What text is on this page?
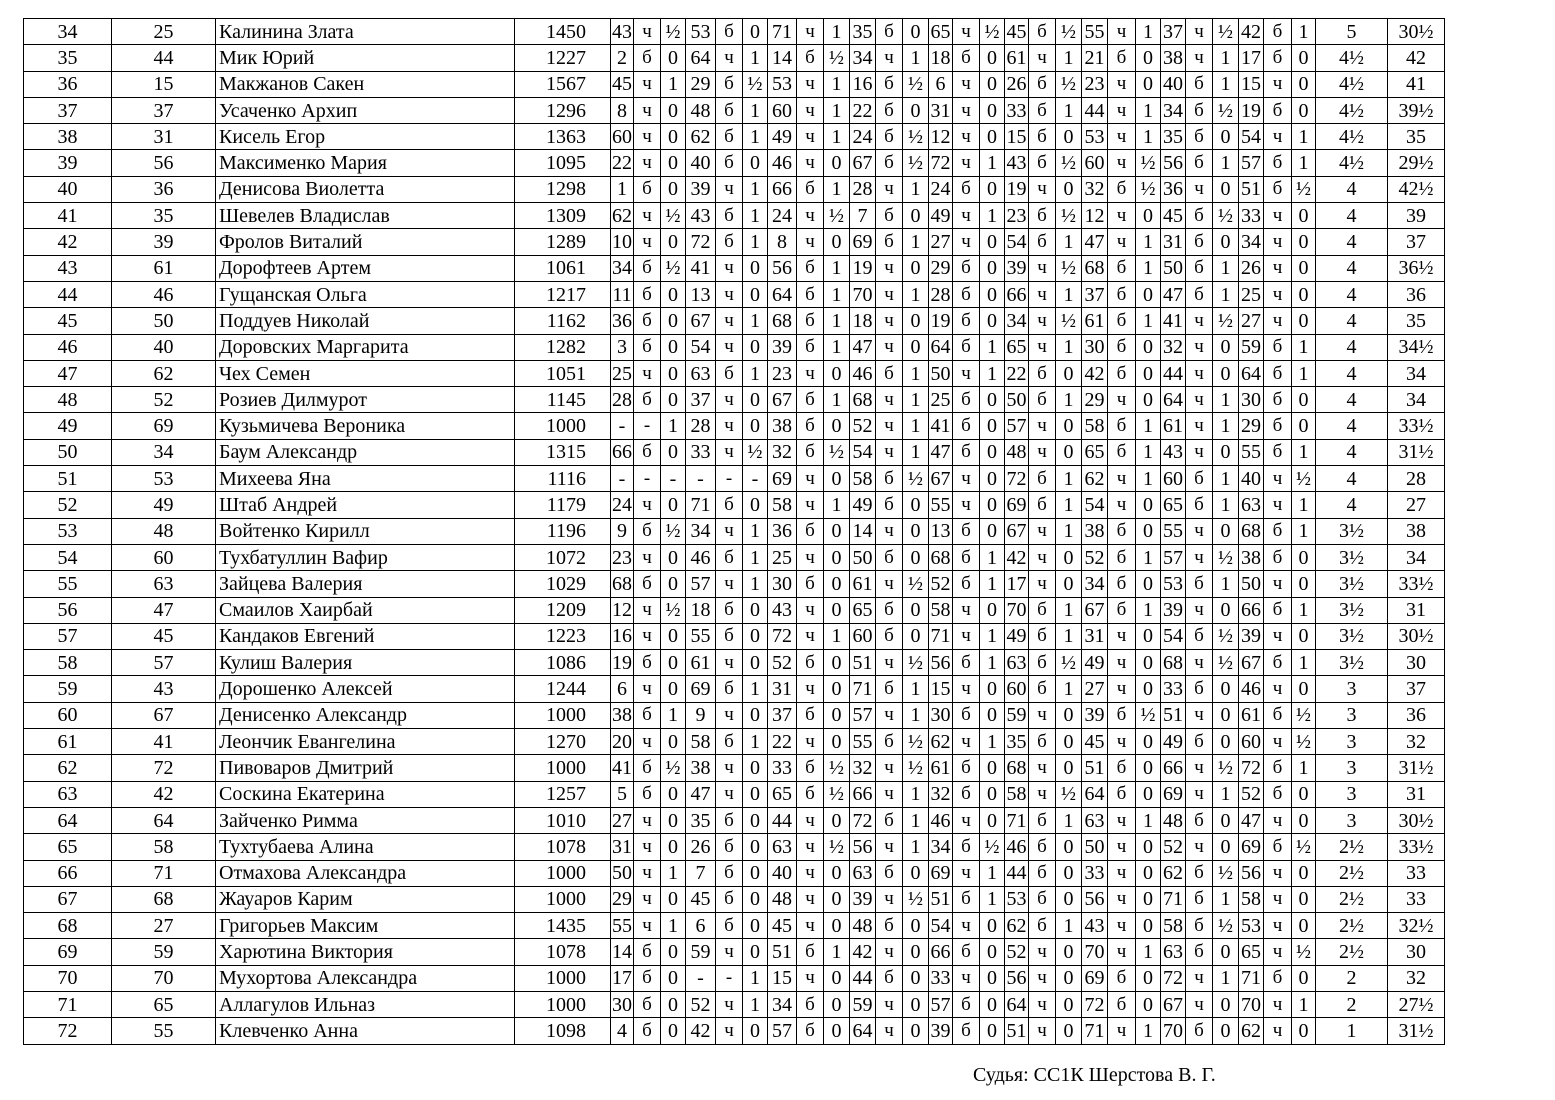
34	25	Калинина Злата	1450	43	ч	½	53	б	0	71	ч	1	35	б	0	65	ч	½	45	б	½	55	ч	1	37	ч	½	42	б	1	5	30½
35	44	Мик Юрий	1227	2	б	0	64	ч	1	14	б	½	34	ч	1	18	б	0	61	ч	1	21	б	0	38	ч	1	17	б	0	4½	42
36	15	Макжанов Сакен	1567	45	ч	1	29	б	½	53	ч	1	16	б	½	6	ч	0	26	б	½	23	ч	0	40	б	1	15	ч	0	4½	41
37	37	Усаченко Архип	1296	8	ч	0	48	б	1	60	ч	1	22	б	0	31	ч	0	33	б	1	44	ч	1	34	б	½	19	б	0	4½	39½
38	31	Кисель Егор	1363	60	ч	0	62	б	1	49	ч	1	24	б	½	12	ч	0	15	б	0	53	ч	1	35	б	0	54	ч	1	4½	35
39	56	Максименко Мария	1095	22	ч	0	40	б	0	46	ч	0	67	б	½	72	ч	1	43	б	½	60	ч	½	56	б	1	57	б	1	4½	29½
40	36	Денисова Виолетта	1298	1	б	0	39	ч	1	66	б	1	28	ч	1	24	б	0	19	ч	0	32	б	½	36	ч	0	51	б	½	4	42½
41	35	Шевелев Владислав	1309	62	ч	½	43	б	1	24	ч	½	7	б	0	49	ч	1	23	б	½	12	ч	0	45	б	½	33	ч	0	4	39
42	39	Фролов Виталий	1289	10	ч	0	72	б	1	8	ч	0	69	б	1	27	ч	0	54	б	1	47	ч	1	31	б	0	34	ч	0	4	37
43	61	Дорофтеев Артем	1061	34	б	½	41	ч	0	56	б	1	19	ч	0	29	б	0	39	ч	½	68	б	1	50	б	1	26	ч	0	4	36½
44	46	Гущанская Ольга	1217	11	б	0	13	ч	0	64	б	1	70	ч	1	28	б	0	66	ч	1	37	б	0	47	б	1	25	ч	0	4	36
45	50	Поддуев Николай	1162	36	б	0	67	ч	1	68	б	1	18	ч	0	19	б	0	34	ч	½	61	б	1	41	ч	½	27	ч	0	4	35
46	40	Доровских Маргарита	1282	3	б	0	54	ч	0	39	б	1	47	ч	0	64	б	1	65	ч	1	30	б	0	32	ч	0	59	б	1	4	34½
47	62	Чех Семен	1051	25	ч	0	63	б	1	23	ч	0	46	б	1	50	ч	1	22	б	0	42	б	0	44	ч	0	64	б	1	4	34
48	52	Розиев Дилмурот	1145	28	б	0	37	ч	0	67	б	1	68	ч	1	25	б	0	50	б	1	29	ч	0	64	ч	1	30	б	0	4	34
49	69	Кузьмичева Вероника	1000	-	-	1	28	ч	0	38	б	0	52	ч	1	41	б	0	57	ч	0	58	б	1	61	ч	1	29	б	0	4	33½
50	34	Баум Александр	1315	66	б	0	33	ч	½	32	б	½	54	ч	1	47	б	0	48	ч	0	65	б	1	43	ч	0	55	б	1	4	31½
51	53	Михеева Яна	1116	-	-	-	-	-	-	69	ч	0	58	б	½	67	ч	0	72	б	1	62	ч	1	60	б	1	40	ч	½	4	28
52	49	Штаб Андрей	1179	24	ч	0	71	б	0	58	ч	1	49	б	0	55	ч	0	69	б	1	54	ч	0	65	б	1	63	ч	1	4	27
53	48	Войтенко Кирилл	1196	9	б	½	34	ч	1	36	б	0	14	ч	0	13	б	0	67	ч	1	38	б	0	55	ч	0	68	б	1	3½	38
54	60	Тухбатуллин Вафир	1072	23	ч	0	46	б	1	25	ч	0	50	б	0	68	б	1	42	ч	0	52	б	1	57	ч	½	38	б	0	3½	34
55	63	Зайцева Валерия	1029	68	б	0	57	ч	1	30	б	0	61	ч	½	52	б	1	17	ч	0	34	б	0	53	б	1	50	ч	0	3½	33½
56	47	Смаилов Хаирбай	1209	12	ч	½	18	б	0	43	ч	0	65	б	0	58	ч	0	70	б	1	67	б	1	39	ч	0	66	б	1	3½	31
57	45	Кандаков Евгений	1223	16	ч	0	55	б	0	72	ч	1	60	б	0	71	ч	1	49	б	1	31	ч	0	54	б	½	39	ч	0	3½	30½
58	57	Кулиш Валерия	1086	19	б	0	61	ч	0	52	б	0	51	ч	½	56	б	1	63	б	½	49	ч	0	68	ч	½	67	б	1	3½	30
59	43	Дорошенко Алексей	1244	6	ч	0	69	б	1	31	ч	0	71	б	1	15	ч	0	60	б	1	27	ч	0	33	б	0	46	ч	0	3	37
60	67	Денисенко Александр	1000	38	б	1	9	ч	0	37	б	0	57	ч	1	30	б	0	59	ч	0	39	б	½	51	ч	0	61	б	½	3	36
61	41	Леончик Евангелина	1270	20	ч	0	58	б	1	22	ч	0	55	б	½	62	ч	1	35	б	0	45	ч	0	49	б	0	60	ч	½	3	32
62	72	Пивоваров Дмитрий	1000	41	б	½	38	ч	0	33	б	½	32	ч	½	61	б	0	68	ч	0	51	б	0	66	ч	½	72	б	1	3	31½
63	42	Соскина Екатерина	1257	5	б	0	47	ч	0	65	б	½	66	ч	1	32	б	0	58	ч	½	64	б	0	69	ч	1	52	б	0	3	31
64	64	Зайченко Римма	1010	27	ч	0	35	б	0	44	ч	0	72	б	1	46	ч	0	71	б	1	63	ч	1	48	б	0	47	ч	0	3	30½
65	58	Тухтубаева Алина	1078	31	ч	0	26	б	0	63	ч	½	56	ч	1	34	б	½	46	б	0	50	ч	0	52	ч	0	69	б	½	2½	33½
66	71	Отмахова Александра	1000	50	ч	1	7	б	0	40	ч	0	63	б	0	69	ч	1	44	б	0	33	ч	0	62	б	½	56	ч	0	2½	33
67	68	Жауаров Карим	1000	29	ч	0	45	б	0	48	ч	0	39	ч	½	51	б	1	53	б	0	56	ч	0	71	б	1	58	ч	0	2½	33
68	27	Григорьев Максим	1435	55	ч	1	6	б	0	45	ч	0	48	б	0	54	ч	0	62	б	1	43	ч	0	58	б	½	53	ч	0	2½	32½
69	59	Харютина Виктория	1078	14	б	0	59	ч	0	51	б	1	42	ч	0	66	б	0	52	ч	0	70	ч	1	63	б	0	65	ч	½	2½	30
70	70	Мухортова Александра	1000	17	б	0	-	-	1	15	ч	0	44	б	0	33	ч	0	56	ч	0	69	б	0	72	ч	1	71	б	0	2	32
71	65	Аллагулов Ильназ	1000	30	б	0	52	ч	1	34	б	0	59	ч	0	57	б	0	64	ч	0	72	б	0	67	ч	0	70	ч	1	2	27½
72	55	Клевченко Анна	1098	4	б	0	42	ч	0	57	б	0	64	ч	0	39	б	0	51	ч	0	71	ч	1	70	б	0	62	ч	0	1	31½
Судья: СС1К Шерстова В. Г.
